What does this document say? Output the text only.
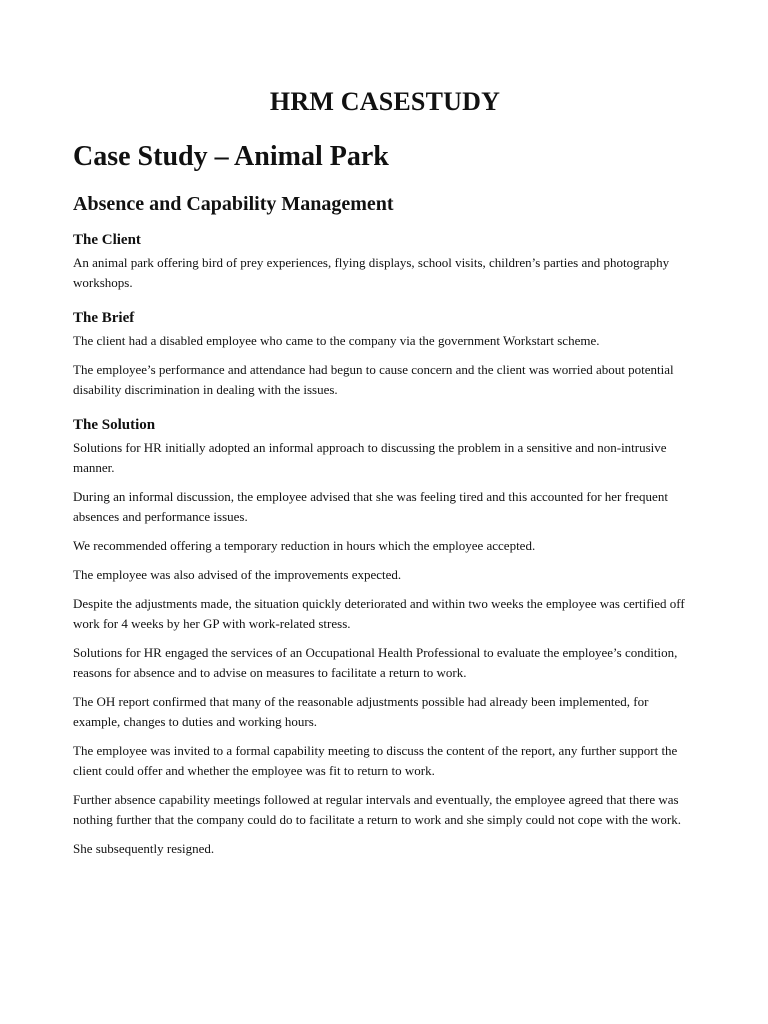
HRM CASESTUDY
Case Study – Animal Park
Absence and Capability Management
The Client

An animal park offering bird of prey experiences, flying displays, school visits, children’s parties and photography workshops.

The Brief

The client had a disabled employee who came to the company via the government Workstart scheme.

The employee’s performance and attendance had begun to cause concern and the client was worried about potential disability discrimination in dealing with the issues.

The Solution

Solutions for HR initially adopted an informal approach to discussing the problem in a sensitive and non-intrusive manner.

During an informal discussion, the employee advised that she was feeling tired and this accounted for her frequent absences and performance issues.

We recommended offering a temporary reduction in hours which the employee accepted.

The employee was also advised of the improvements expected.

Despite the adjustments made, the situation quickly deteriorated and within two weeks the employee was certified off work for 4 weeks by her GP with work-related stress.

Solutions for HR engaged the services of an Occupational Health Professional to evaluate the employee’s condition, reasons for absence and to advise on measures to facilitate a return to work.

The OH report confirmed that many of the reasonable adjustments possible had already been implemented, for example, changes to duties and working hours.

The employee was invited to a formal capability meeting to discuss the content of the report, any further support the client could offer and whether the employee was fit to return to work.

Further absence capability meetings followed at regular intervals and eventually, the employee agreed that there was nothing further that the company could do to facilitate a return to work and she simply could not cope with the work.

She subsequently resigned.
